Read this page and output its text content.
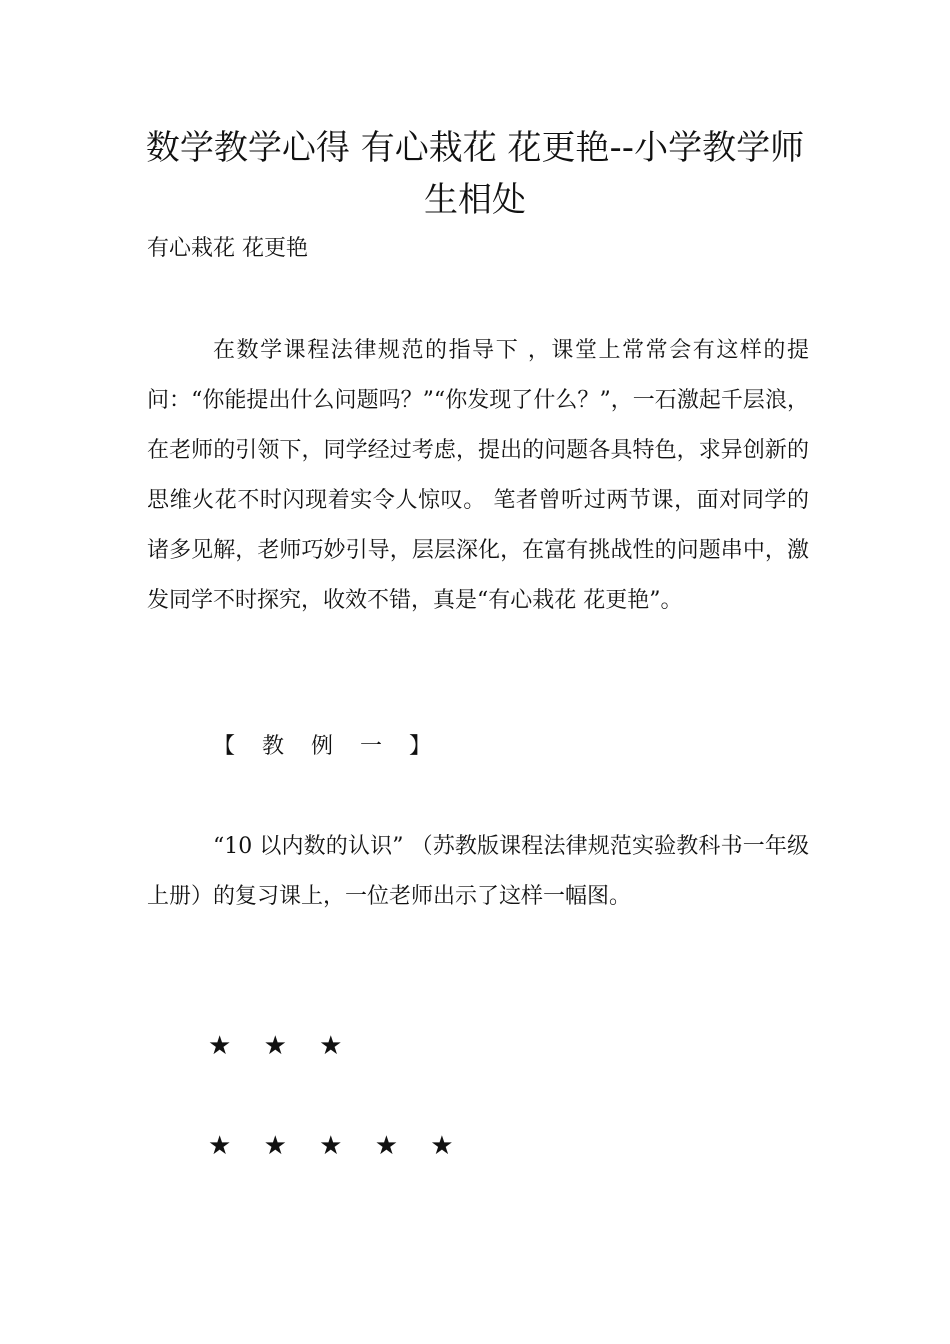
数学教学心得 有心栽花 花更艳--小学教学师生相处

有心栽花 花更艳

在数学课程法律规范的指导下 ，课堂上常常会有这样的提问：“你能提出什么问题吗？”“你发现了什么？”，一石激起千层浪，在老师的引领下，同学经过考虑，提出的问题各具特色，求异创新的思维火花不时闪现着实令人惊叹。 笔者曾听过两节课，面对同学的诸多见解，老师巧妙引导，层层深化，在富有挑战性的问题串中，激发同学不时探究，收效不错，真是“有心栽花 花更艳”。

【 教 例 一 】

“10 以内数的认识” （苏教版课程法律规范实验教科书一年级上册）的复习课上，一位老师出示了这样一幅图。

★ ★ ★

★ ★ ★ ★ ★
